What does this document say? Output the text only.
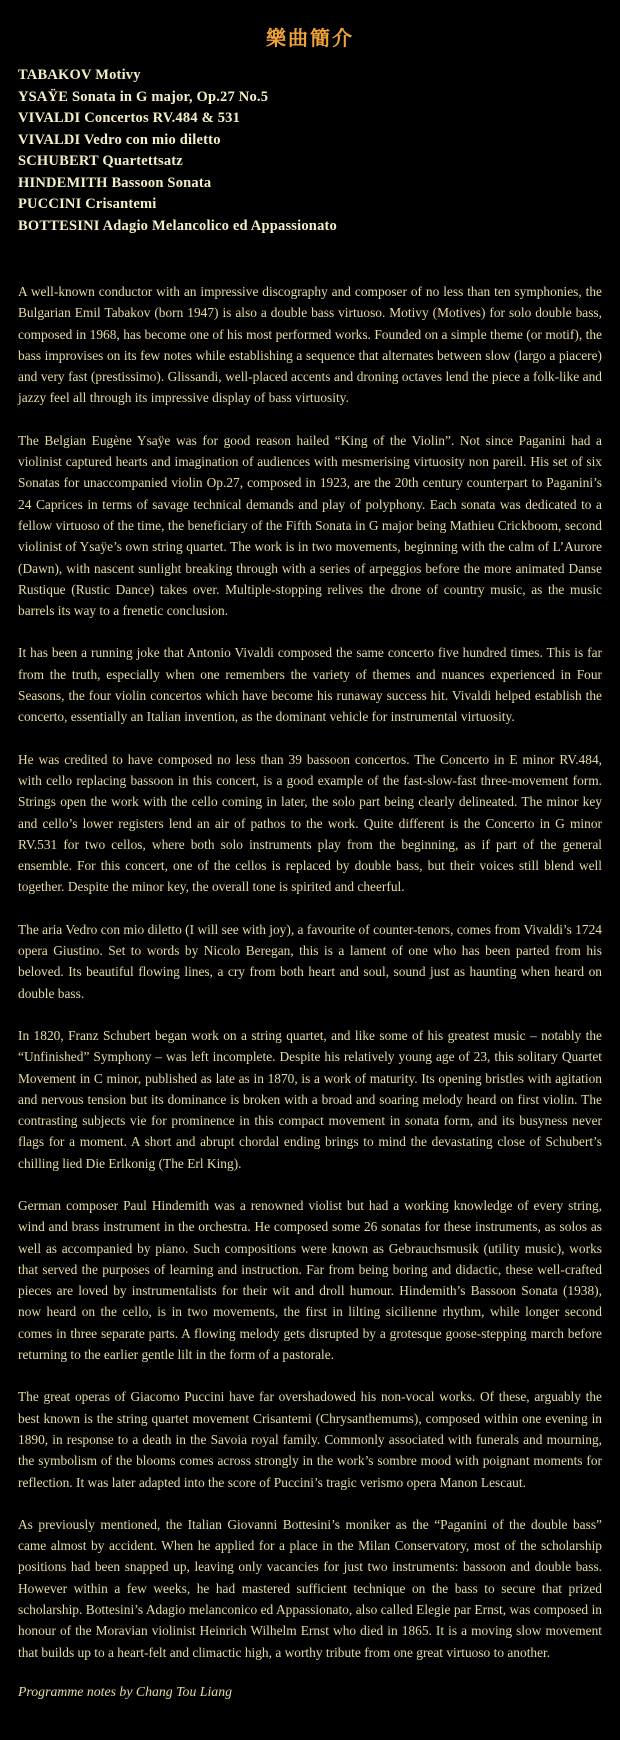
樂曲簡介
TABAKOV Motivy
YSAŸE Sonata in G major, Op.27 No.5
VIVALDI Concertos RV.484 & 531
VIVALDI Vedro con mio diletto
SCHUBERT Quartettsatz
HINDEMITH Bassoon Sonata
PUCCINI Crisantemi
BOTTESINI Adagio Melancolico ed Appassionato

A well-known conductor with an impressive discography and composer of no less than ten symphonies, the Bulgarian Emil Tabakov (born 1947) is also a double bass virtuoso. Motivy (Motives) for solo double bass, composed in 1968, has become one of his most performed works. Founded on a simple theme (or motif), the bass improvises on its few notes while establishing a sequence that alternates between slow (largo a piacere) and very fast (prestissimo). Glissandi, well-placed accents and droning octaves lend the piece a folk-like and jazzy feel all through its impressive display of bass virtuosity.

The Belgian Eugène Ysaÿe was for good reason hailed “King of the Violin”. Not since Paganini had a violinist captured hearts and imagination of audiences with mesmerising virtuosity non pareil. His set of six Sonatas for unaccompanied violin Op.27, composed in 1923, are the 20th century counterpart to Paganini’s 24 Caprices in terms of savage technical demands and play of polyphony. Each sonata was dedicated to a fellow virtuoso of the time, the beneficiary of the Fifth Sonata in G major being Mathieu Crickboom, second violinist of Ysaÿe’s own string quartet. The work is in two movements, beginning with the calm of L’Aurore (Dawn), with nascent sunlight breaking through with a series of arpeggios before the more animated Danse Rustique (Rustic Dance) takes over. Multiple-stopping relives the drone of country music, as the music barrels its way to a frenetic conclusion.

It has been a running joke that Antonio Vivaldi composed the same concerto five hundred times. This is far from the truth, especially when one remembers the variety of themes and nuances experienced in Four Seasons, the four violin concertos which have become his runaway success hit. Vivaldi helped establish the concerto, essentially an Italian invention, as the dominant vehicle for instrumental virtuosity.

He was credited to have composed no less than 39 bassoon concertos. The Concerto in E minor RV.484, with cello replacing bassoon in this concert, is a good example of the fast-slow-fast three-movement form. Strings open the work with the cello coming in later, the solo part being clearly delineated. The minor key and cello’s lower registers lend an air of pathos to the work. Quite different is the Concerto in G minor RV.531 for two cellos, where both solo instruments play from the beginning, as if part of the general ensemble. For this concert, one of the cellos is replaced by double bass, but their voices still blend well together. Despite the minor key, the overall tone is spirited and cheerful.

The aria Vedro con mio diletto (I will see with joy), a favourite of counter-tenors, comes from Vivaldi’s 1724 opera Giustino. Set to words by Nicolo Beregan, this is a lament of one who has been parted from his beloved. Its beautiful flowing lines, a cry from both heart and soul, sound just as haunting when heard on double bass.

In 1820, Franz Schubert began work on a string quartet, and like some of his greatest music – notably the “Unfinished” Symphony – was left incomplete. Despite his relatively young age of 23, this solitary Quartet Movement in C minor, published as late as in 1870, is a work of maturity. Its opening bristles with agitation and nervous tension but its dominance is broken with a broad and soaring melody heard on first violin. The contrasting subjects vie for prominence in this compact movement in sonata form, and its busyness never flags for a moment. A short and abrupt chordal ending brings to mind the devastating close of Schubert’s chilling lied Die Erlkonig (The Erl King).

German composer Paul Hindemith was a renowned violist but had a working knowledge of every string, wind and brass instrument in the orchestra. He composed some 26 sonatas for these instruments, as solos as well as accompanied by piano. Such compositions were known as Gebrauchsmusik (utility music), works that served the purposes of learning and instruction. Far from being boring and didactic, these well-crafted pieces are loved by instrumentalists for their wit and droll humour. Hindemith’s Bassoon Sonata (1938), now heard on the cello, is in two movements, the first in lilting sicilienne rhythm, while longer second comes in three separate parts. A flowing melody gets disrupted by a grotesque goose-stepping march before returning to the earlier gentle lilt in the form of a pastorale.

The great operas of Giacomo Puccini have far overshadowed his non-vocal works. Of these, arguably the best known is the string quartet movement Crisantemi (Chrysanthemums), composed within one evening in 1890, in response to a death in the Savoia royal family. Commonly associated with funerals and mourning, the symbolism of the blooms comes across strongly in the work’s sombre mood with poignant moments for reflection. It was later adapted into the score of Puccini’s tragic verismo opera Manon Lescaut.

As previously mentioned, the Italian Giovanni Bottesini’s moniker as the “Paganini of the double bass” came almost by accident. When he applied for a place in the Milan Conservatory, most of the scholarship positions had been snapped up, leaving only vacancies for just two instruments: bassoon and double bass. However within a few weeks, he had mastered sufficient technique on the bass to secure that prized scholarship. Bottesini’s Adagio melanconico ed Appassionato, also called Elegie par Ernst, was composed in honour of the Moravian violinist Heinrich Wilhelm Ernst who died in 1865. It is a moving slow movement that builds up to a heart-felt and climactic high, a worthy tribute from one great virtuoso to another.

Programme notes by Chang Tou Liang
